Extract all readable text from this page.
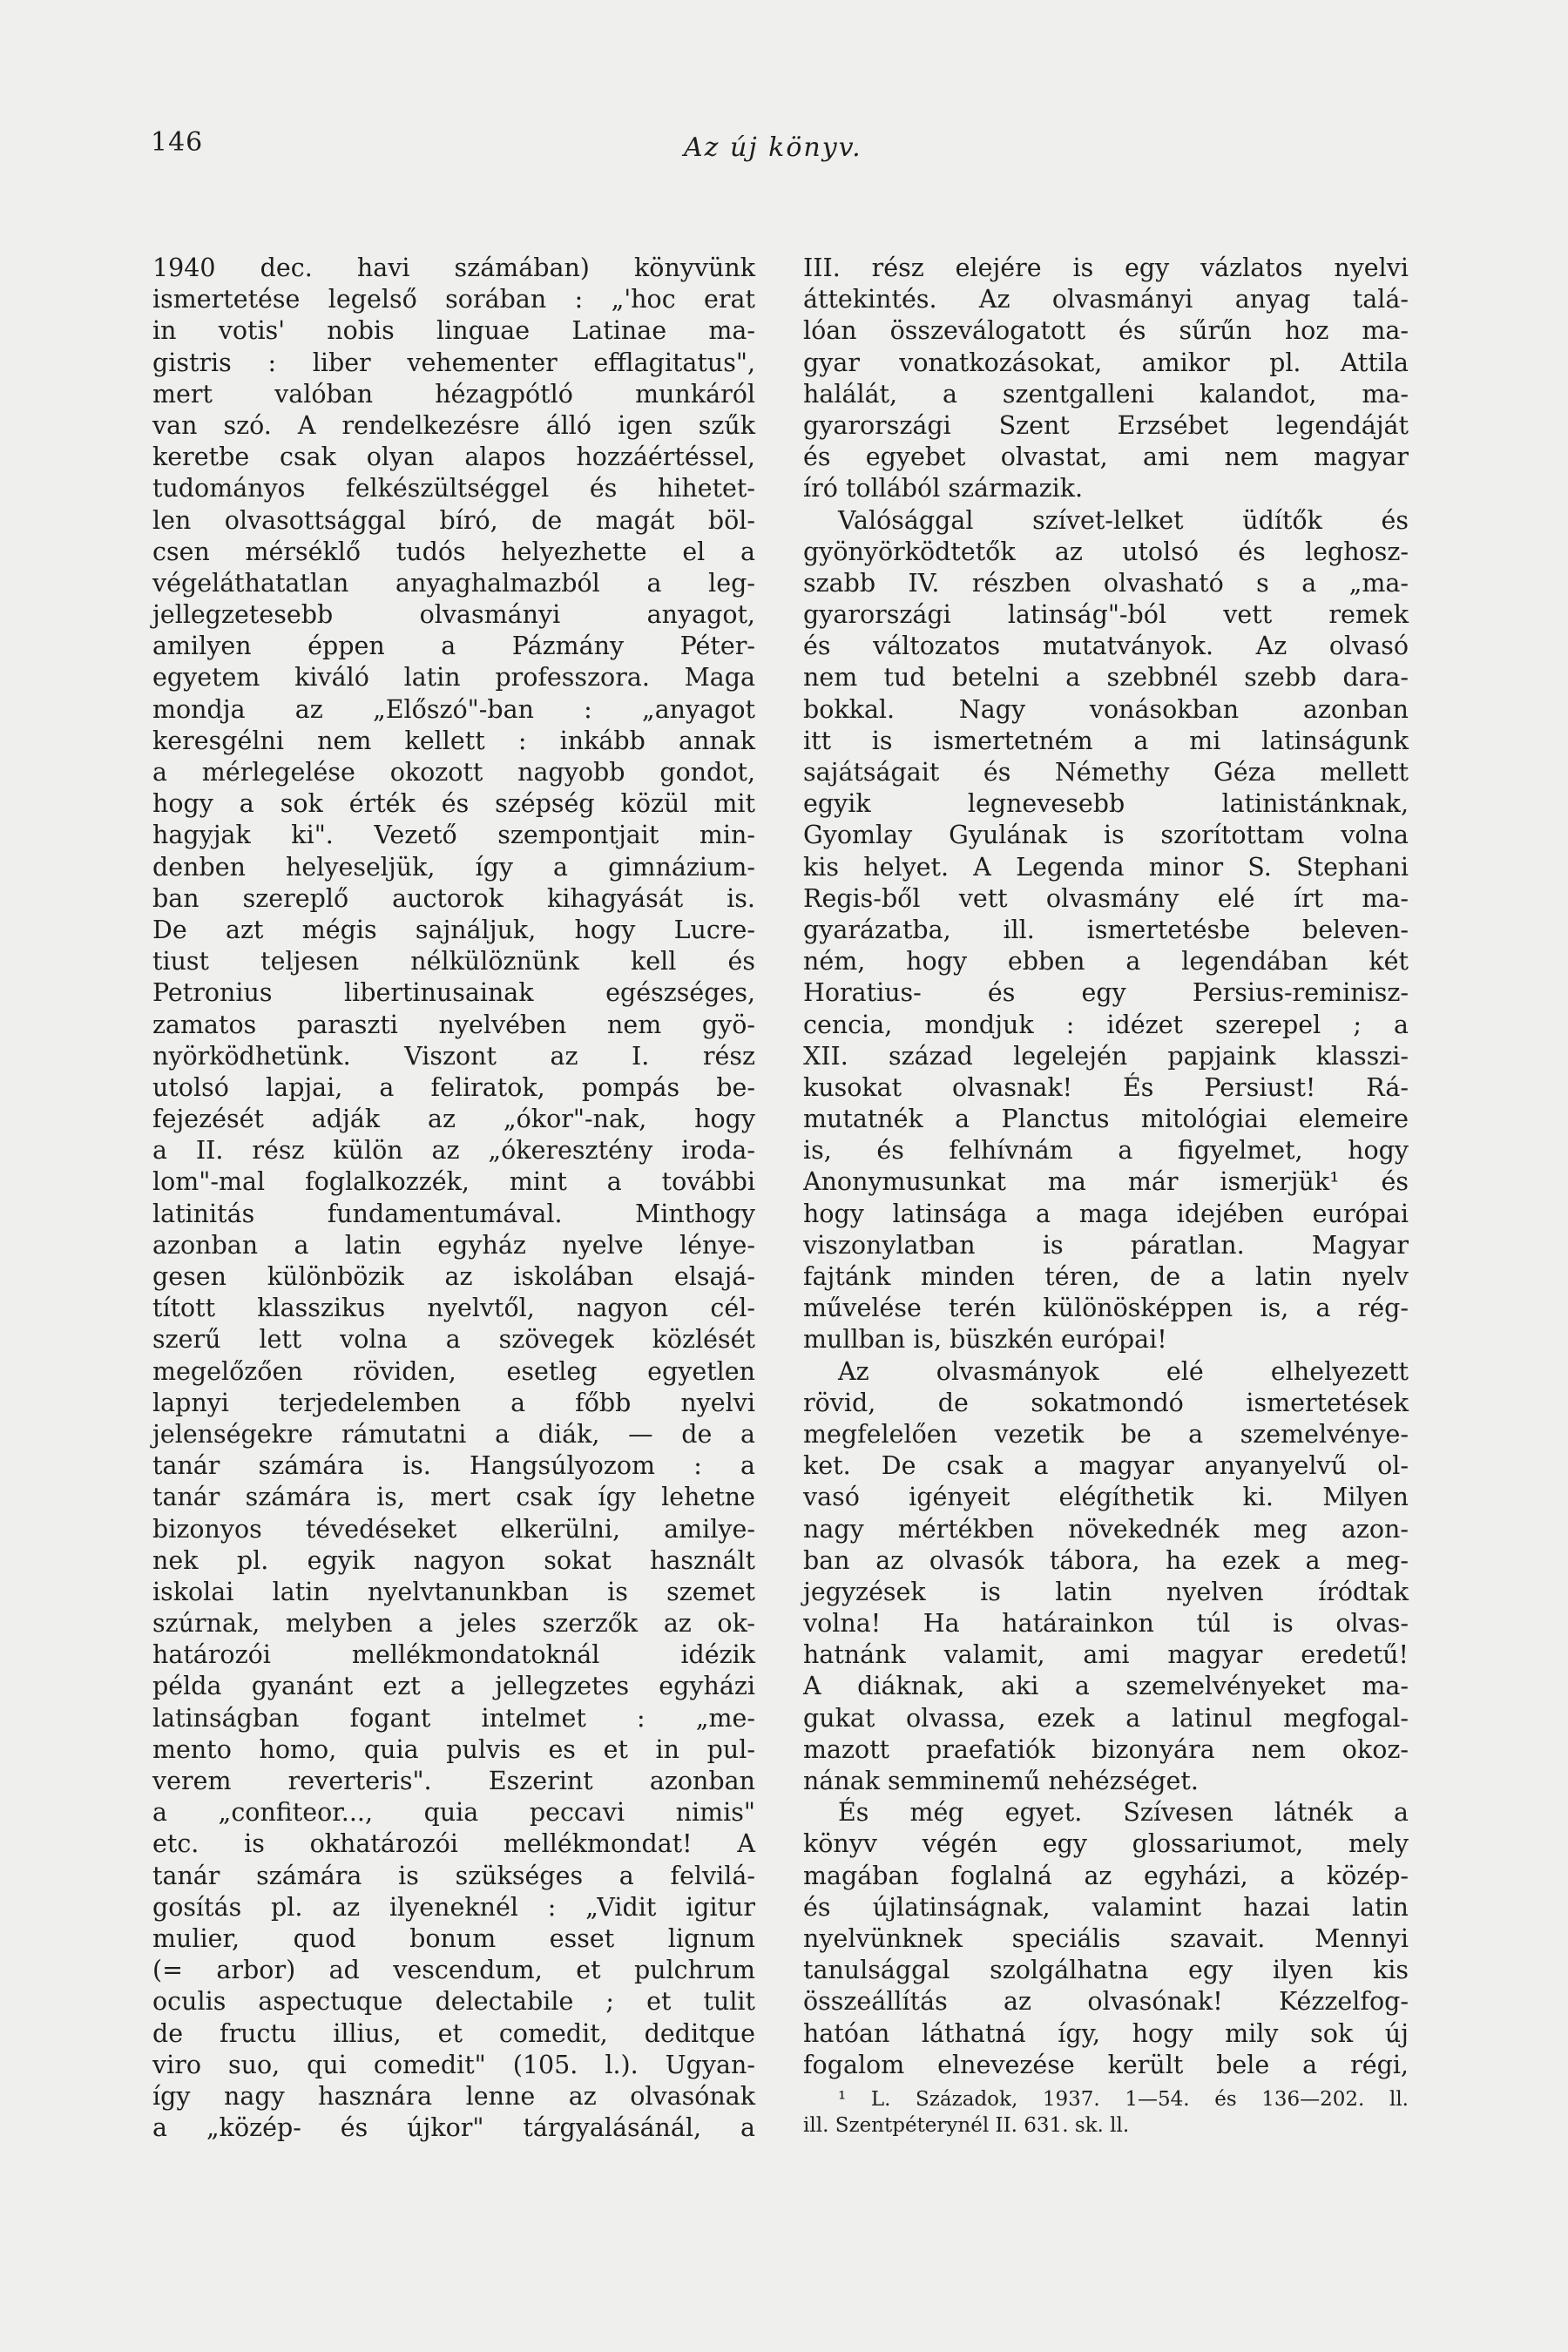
146	Az új könyv.
1940 dec. havi számában) könyvünk
ismertetése legelső sorában : „'hoc erat
in votis' nobis linguae Latinae ma-
gistris : liber vehementer efflagitatus",
mert valóban hézagpótló munkáról
van szó. A rendelkezésre álló igen szűk
keretbe csak olyan alapos hozzáértéssel,
tudományos felkészültséggel és hihetet-
len olvasottsággal bíró, de magát böl-
csen mérséklő tudós helyezhette el a
végeláthatatlan anyaghalmazból a leg-
jellegzetesebb olvasmányi anyagot,
amilyen éppen a Pázmány Péter-
egyetem kiváló latin professzora. Maga
mondja az „Előszó"-ban : „anyagot
keresgélni nem kellett : inkább annak
a mérlegelése okozott nagyobb gondot,
hogy a sok érték és szépség közül mit
hagyjak ki". Vezető szempontjait min-
denben helyeseljük, így a gimnázium-
ban szereplő auctorok kihagyását is.
De azt mégis sajnáljuk, hogy Lucre-
tiust teljesen nélkülöznünk kell és
Petronius libertinusainak egészséges,
zamatos paraszti nyelvében nem gyö-
nyörködhetünk. Viszont az I. rész
utolsó lapjai, a feliratok, pompás be-
fejezését adják az „ókor"-nak, hogy
a II. rész külön az „ókeresztény iroda-
lom"-mal foglalkozzék, mint a további
latinitás fundamentumával. Minthogy
azonban a latin egyház nyelve lénye-
gesen különbözik az iskolában elsajá-
tított klasszikus nyelvtől, nagyon cél-
szerű lett volna a szövegek közlését
megelőzően röviden, esetleg egyetlen
lapnyi terjedelemben a főbb nyelvi
jelenségekre rámutatni a diák, — de a
tanár számára is. Hangsúlyozom : a
tanár számára is, mert csak így lehetne
bizonyos tévedéseket elkerülni, amilye-
nek pl. egyik nagyon sokat használt
iskolai latin nyelvtanunkban is szemet
szúrnak, melyben a jeles szerzők az ok-
határozói mellékmondatoknál idézik
példa gyanánt ezt a jellegzetes egyházi
latinságban fogant intelmet : „me-
mento homo, quia pulvis es et in pul-
verem reverteris". Eszerint azonban
a „confiteor..., quia peccavi nimis"
etc. is okhatározói mellékmondat! A
tanár számára is szükséges a felvilá-
gosítás pl. az ilyeneknél : „Vidit igitur
mulier, quod bonum esset lignum
(= arbor) ad vescendum, et pulchrum
oculis aspectuque delectabile ; et tulit
de fructu illius, et comedit, deditque
viro suo, qui comedit" (105. l.). Ugyan-
így nagy hasznára lenne az olvasónak
a „közép- és újkor" tárgyalásánál, a
III. rész elejére is egy vázlatos nyelvi
áttekintés. Az olvasmányi anyag talá-
lóan összeválogatott és sűrűn hoz ma-
gyar vonatkozásokat, amikor pl. Attila
halálát, a szentgalleni kalandot, ma-
gyarországi Szent Erzsébet legendáját
és egyebet olvastat, ami nem magyar
író tollából származik.
Valósággal szívet-lelket üdítők és
gyönyörködtetők az utolsó és leghosz-
szabb IV. részben olvasható s a „ma-
gyarországi latinság"-ból vett remek
és változatos mutatványok. Az olvasó
nem tud betelni a szebbnél szebb dara-
bokkal. Nagy vonásokban azonban
itt is ismertetném a mi latinságunk
sajátságait és Némethy Géza mellett
egyik legnevesebb latinistánknak,
Gyomlay Gyulának is szorítottam volna
kis helyet. A Legenda minor S. Stephani
Regis-ből vett olvasmány elé írt ma-
gyarázatba, ill. ismertetésbe beleven-
ném, hogy ebben a legendában két
Horatius- és egy Persius-reminisz-
cencia, mondjuk : idézet szerepel ; a
XII. század legelején papjaink klasszi-
kusokat olvasnak! És Persiust! Rá-
mutatnék a Planctus mitológiai elemeire
is, és felhívnám a figyelmet, hogy
Anonymusunkat ma már ismerjük¹ és
hogy latinsága a maga idejében európai
viszonylatban is páratlan. Magyar
fajtánk minden téren, de a latin nyelv
művelése terén különösképpen is, a rég-
mullban is, büszkén európai!
Az olvasmányok elé elhelyezett
rövid, de sokatmondó ismertetések
megfelelően vezetik be a szemelvénye-
ket. De csak a magyar anyanyelvű ol-
vasó igényeit elégíthetik ki. Milyen
nagy mértékben növekednék meg azon-
ban az olvasók tábora, ha ezek a meg-
jegyzések is latin nyelven íródtak
volna! Ha határainkon túl is olvas-
hatnánk valamit, ami magyar eredetű!
A diáknak, aki a szemelvényeket ma-
gukat olvassa, ezek a latinul megfogal-
mazott praefatiók bizonyára nem okoz-
nának semminemű nehézséget.
És még egyet. Szívesen látnék a
könyv végén egy glossariumot, mely
magában foglalná az egyházi, a közép-
és újlatinságnak, valamint hazai latin
nyelvünknek speciális szavait. Mennyi
tanulsággal szolgálhatna egy ilyen kis
összeállítás az olvasónak! Kézzelfog-
hatóan láthatná így, hogy mily sok új
fogalom elnevezése került bele a régi,
¹ L. Századok, 1937. 1—54. és 136—202. ll.
ill. Szentpéterynél II. 631. sk. ll.
